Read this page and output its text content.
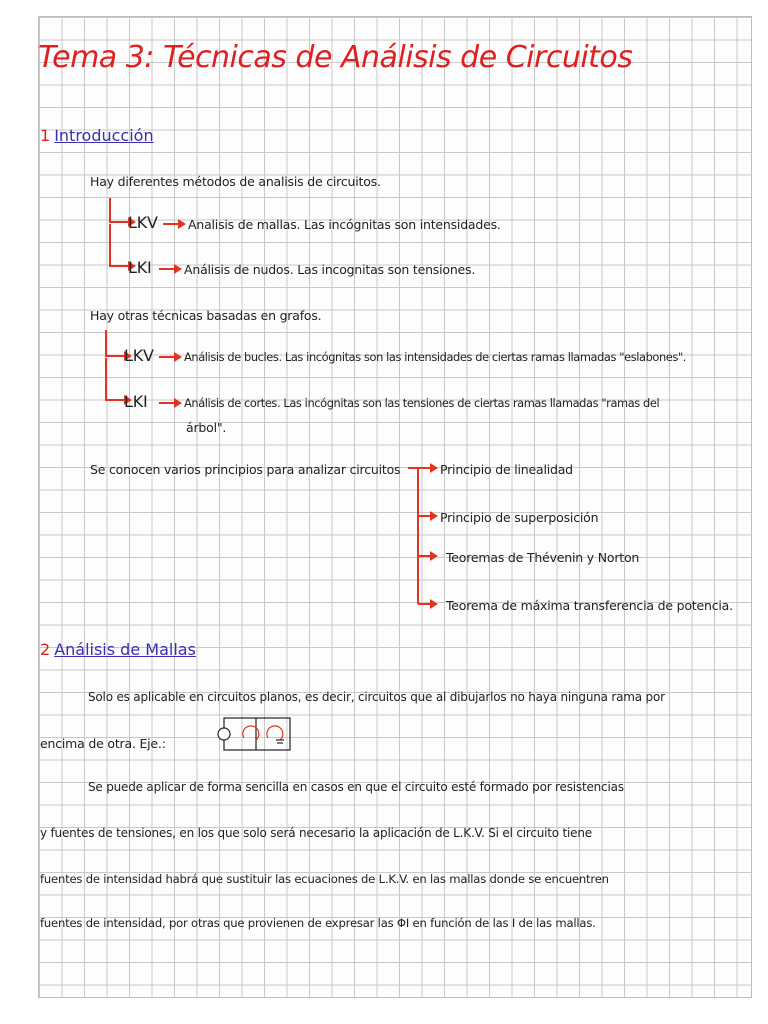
Tema 3: Técnicas de Análisis de Circuitos
1 Introducción
Hay diferentes métodos de analisis de circuitos.
LKV Analisis de mallas. Las incógnitas son intensidades.
LKI	Análisis de nudos. Las incognitas son tensiones.
Hay otras técnicas basadas en grafos.
LKV	Análisis de bucles. Las incógnitas son las intensidades de ciertas ramas llamadas "eslabones".
LKI	Análisis de cortes. Las incógnitas son las tensiones de ciertas ramas llamadas "ramas del
árbol".
Se conocen varios principios para analizar circuitos	Principio de linealidad
Principio de superposición
Teoremas de Thévenin y Norton
Teorema de máxima transferencia de potencia.
2 Análisis de Mallas
Solo es aplicable en circuitos planos, es decir, circuitos que al dibujarlos no haya ninguna rama por
encima de otra. Eje.:
Se puede aplicar de forma sencilla en casos en que el circuito esté formado por resistencias
y fuentes de tensiones, en los que solo será necesario la aplicación de L.K.V. Si el circuito tiene
fuentes de intensidad habrá que sustituir las ecuaciones de L.K.V. en las mallas donde se encuentren
fuentes de intensidad, por otras que provienen de expresar las ΦI en función de las I de las mallas.
